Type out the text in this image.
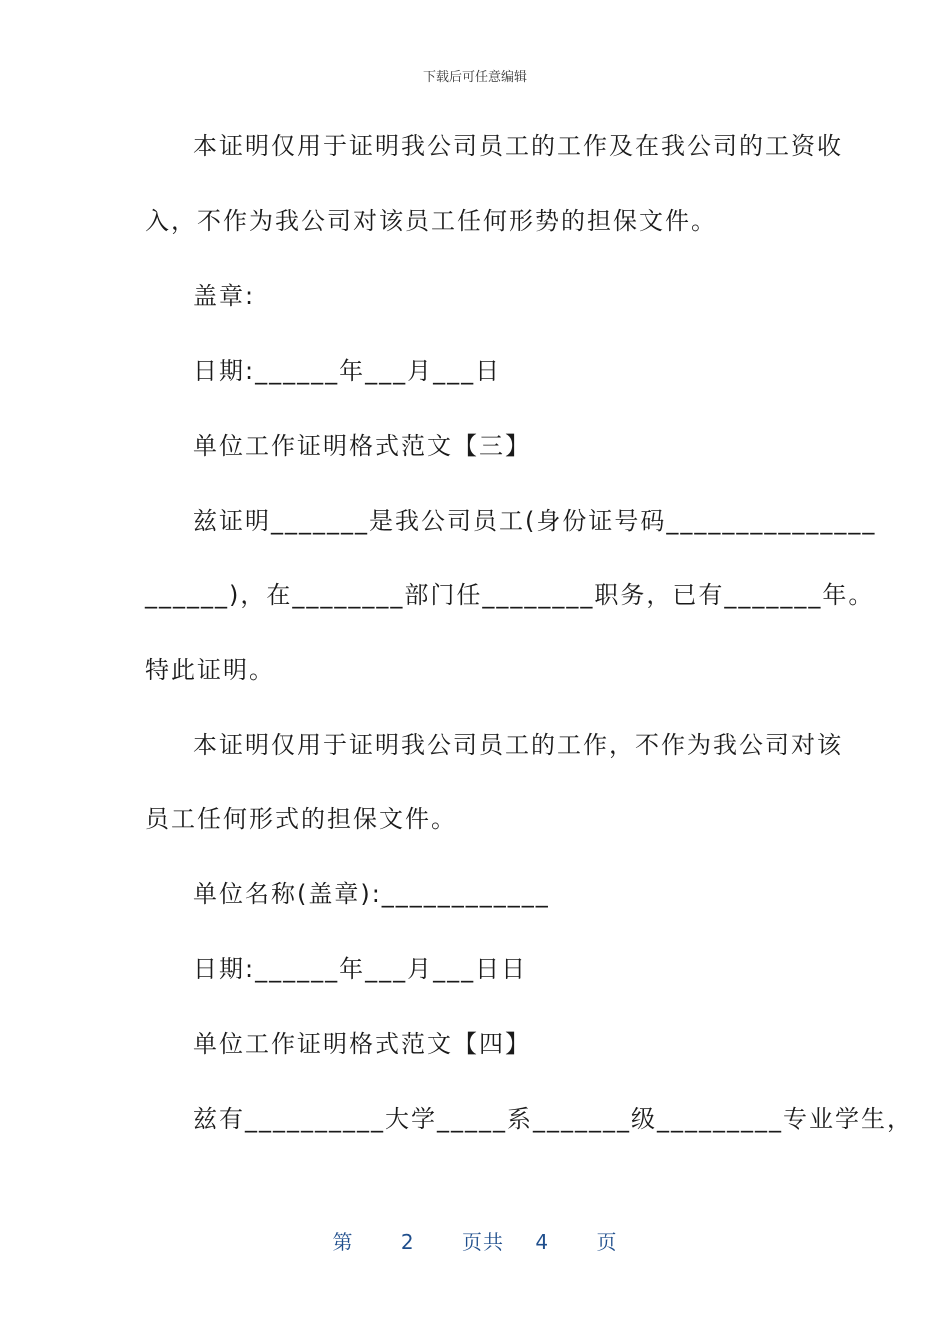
下载后可任意编辑
本证明仅用于证明我公司员工的工作及在我公司的工资收
入，不作为我公司对该员工任何形势的担保文件。
盖章:
日期:______年___月___日
单位工作证明格式范文【三】
兹证明_______是我公司员工(身份证号码_______________
______)，在________部门任________职务，已有_______年。
特此证明。
本证明仅用于证明我公司员工的工作，不作为我公司对该
员工任何形式的担保文件。
单位名称(盖章):____________
日期:______年___月___日日
单位工作证明格式范文【四】
兹有__________大学_____系_______级_________专业学生，
第 2 页共 4 页
